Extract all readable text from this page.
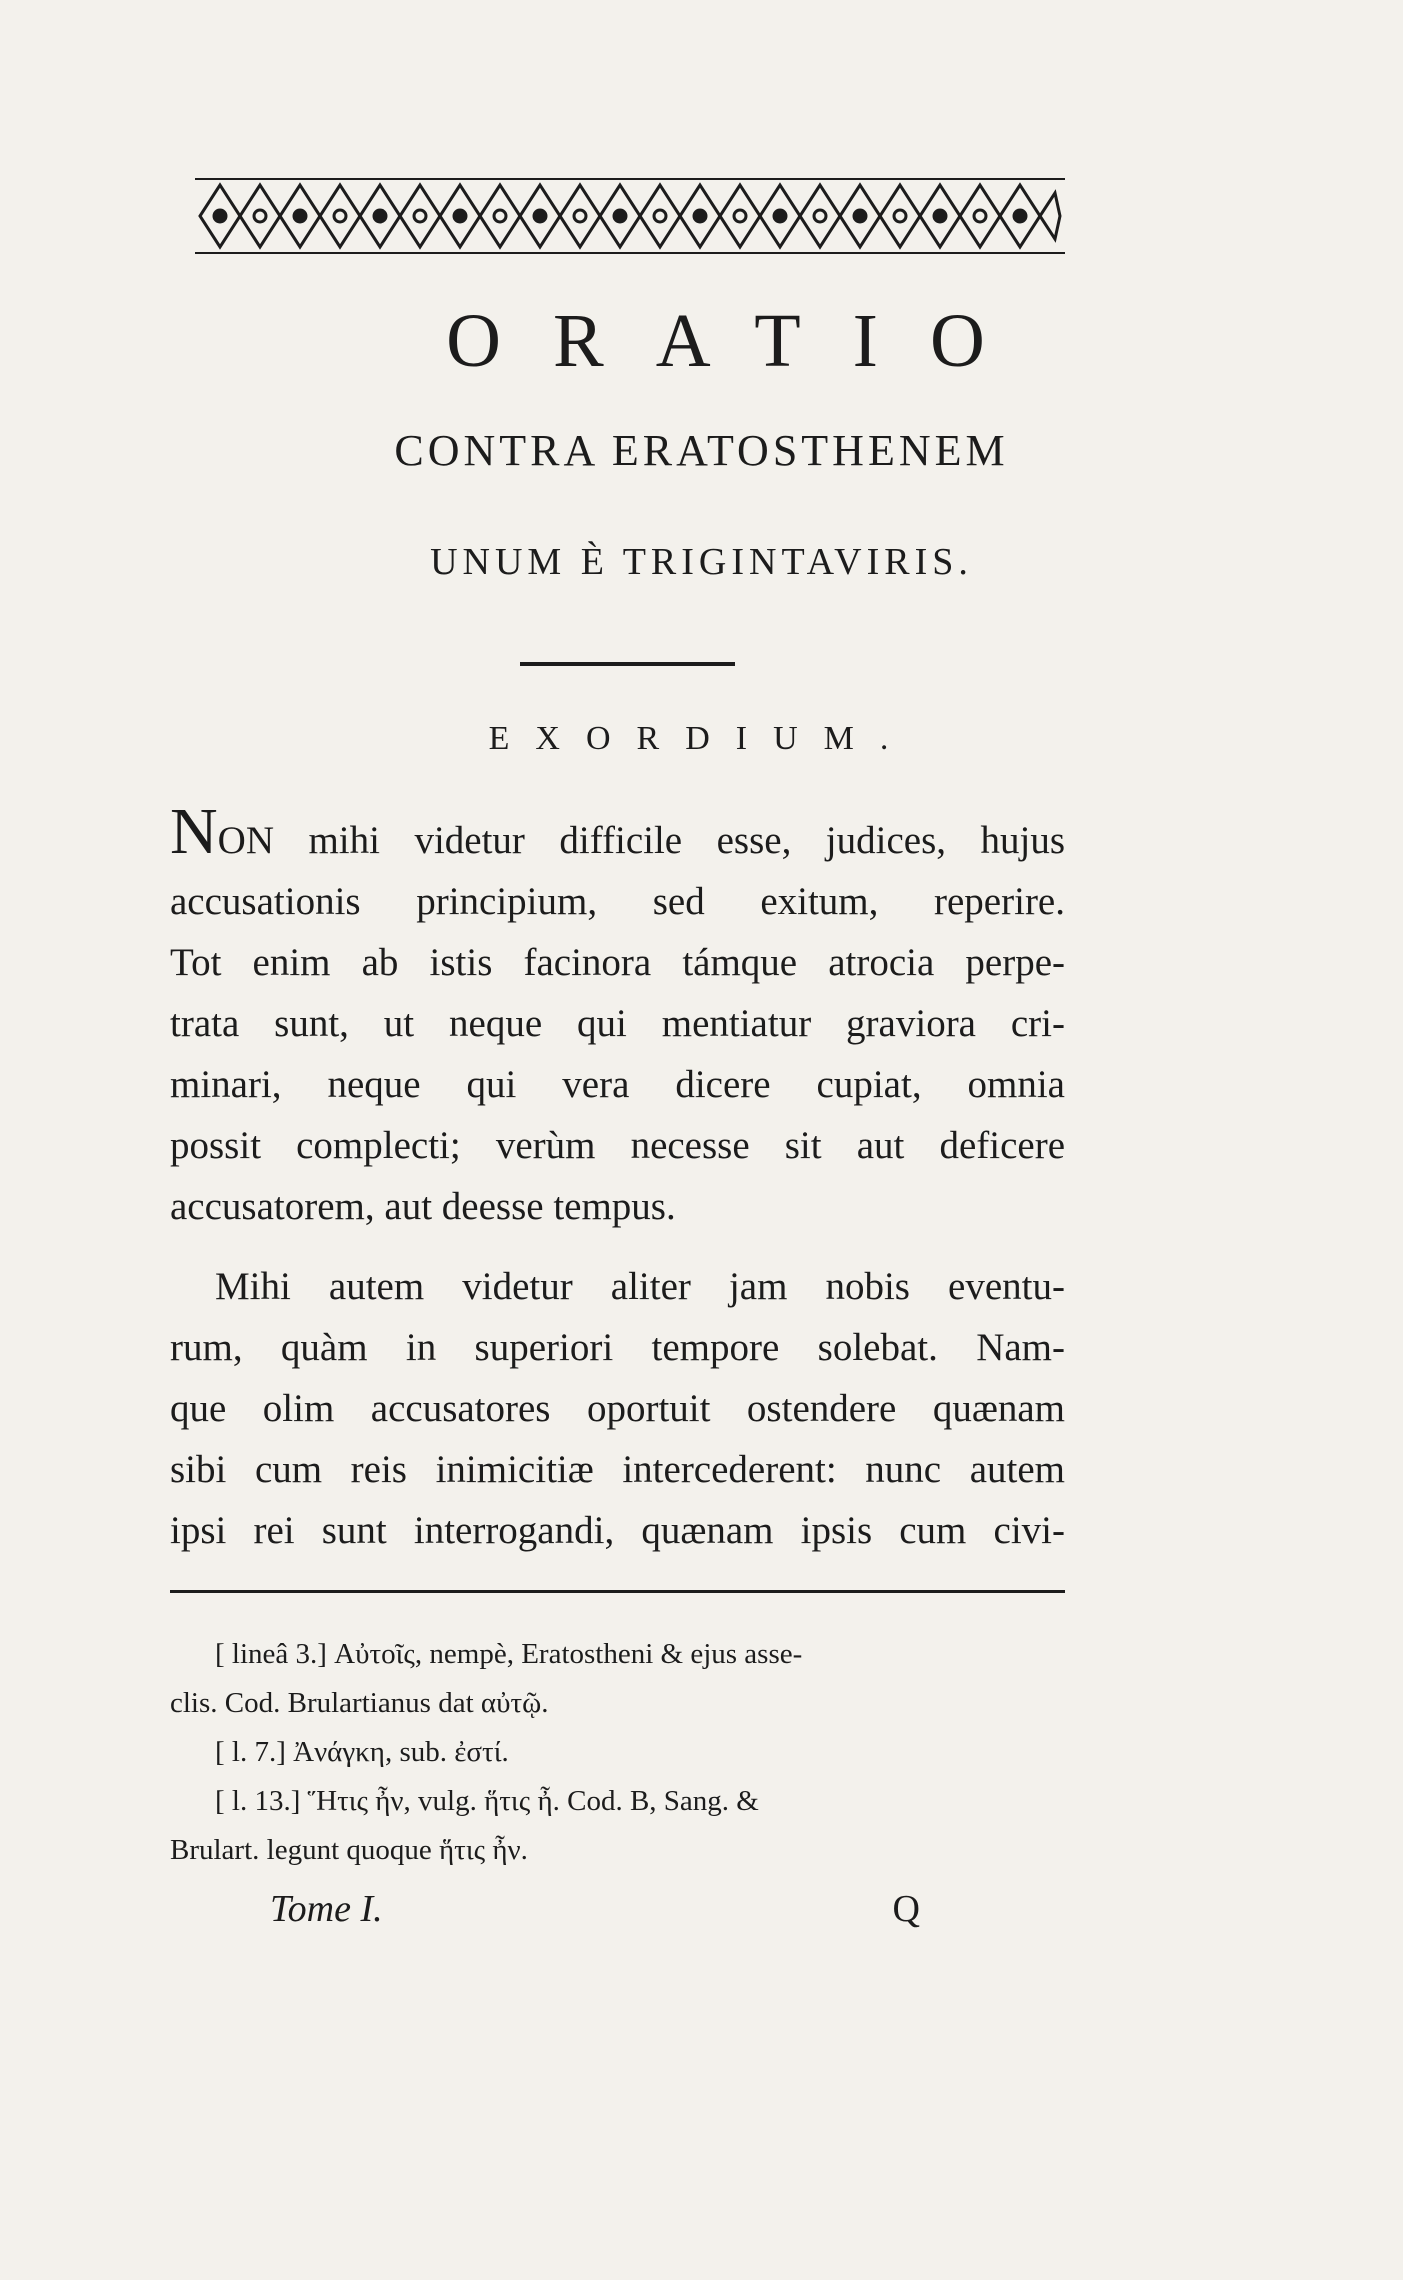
ORATIO
CONTRA ERATOSTHENEM
UNUM È TRIGINTAVIRIS.
EXORDIUM.
NON mihi videtur difficile esse, judices, hujus
accusationis principium, sed exitum, reperire.
Tot enim ab istis facinora támque atrocia perpe-
trata sunt, ut neque qui mentiatur graviora cri-
minari, neque qui vera dicere cupiat, omnia
possit complecti; verùm necesse sit aut deficere
accusatorem, aut deesse tempus.
Mihi autem videtur aliter jam nobis eventu-
rum, quàm in superiori tempore solebat. Nam-
que olim accusatores oportuit ostendere quænam
sibi cum reis inimicitiæ intercederent: nunc autem
ipsi rei sunt interrogandi, quænam ipsis cum civi-
[ lineâ 3.] Αὐτοῖς, nempè, Eratostheni & ejus asse-
clis. Cod. Brulartianus dat αὐτῷ.
[ l. 7.] Ἀνάγκη, sub. ἐστί.
[ l. 13.] Ἥτις ἦν, vulg. ἥτις ἦ. Cod. B, Sang. &
Brulart. legunt quoque ἥτις ἦν.
Tome I.	Q
